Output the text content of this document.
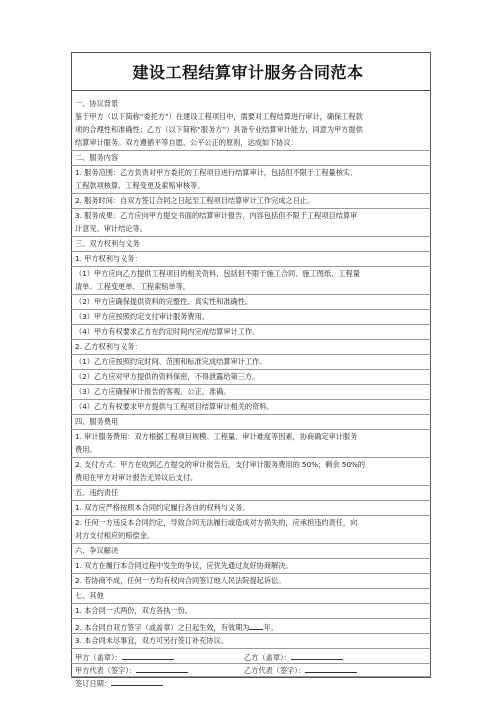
建设工程结算审计服务合同范本
一、协议背景
鉴于甲方（以下简称“委托方”）在建设工程项目中，需要对工程结算进行审计，确保工程款
项的合理性和准确性；乙方（以下简称“服务方”）具备专业结算审计能力，同意为甲方提供
结算审计服务。双方遵循平等自愿、公平公正的原则，达成如下协议：
二、服务内容
1. 服务范围：乙方负责对甲方委托的工程项目进行结算审计，包括但不限于工程量核实、
工程款项核算、工程变更及索赔审核等。
2. 服务时间：自双方签订合同之日起至工程项目结算审计工作完成之日止。
3. 服务成果：乙方应向甲方提交书面的结算审计报告，内容包括但不限于工程项目结算审
计意见、审计结论等。
三、双方权利与义务
1. 甲方权利与义务：
（1）甲方应向乙方提供工程项目的相关资料，包括但不限于施工合同、施工图纸、工程量
清单、工程变更单、工程索赔单等。
（2）甲方应确保提供资料的完整性、真实性和准确性。
（3）甲方应按照约定支付审计服务费用。
（4）甲方有权要求乙方在约定时间内完成结算审计工作。
2. 乙方权利与义务：
（1）乙方应按照约定时间、范围和标准完成结算审计工作。
（2）乙方应对甲方提供的资料保密，不得泄露给第三方。
（3）乙方应确保审计报告的客观、公正、准确。
（4）乙方有权要求甲方提供与工程项目结算审计相关的资料。
四、服务费用
1. 审计服务费用：双方根据工程项目规模、工程量、审计难度等因素，协商确定审计服务
费用。
2. 支付方式：甲方在收到乙方提交的审计报告后，支付审计服务费用的 50%；剩余 50%的
费用在甲方对审计报告无异议后支付。
五、违约责任
1. 双方应严格按照本合同约定履行各自的权利与义务。
2. 任何一方违反本合同约定，导致合同无法履行或造成对方损失的，应承担违约责任，向
对方支付相应的赔偿金。
六、争议解决
1. 双方在履行本合同过程中发生的争议，应优先通过友好协商解决。
2. 若协商不成，任何一方均有权向合同签订地人民法院提起诉讼。
七、其他
1. 本合同一式两份，双方各执一份。
2. 本合同自双方签字（或盖章）之日起生效，有效期为 年。
3. 本合同未尽事宜，双方可另行签订补充协议。
甲方（盖章）：	乙方（盖章）：
甲方代表（签字）：	乙方代表（签字）：
签订日期：
